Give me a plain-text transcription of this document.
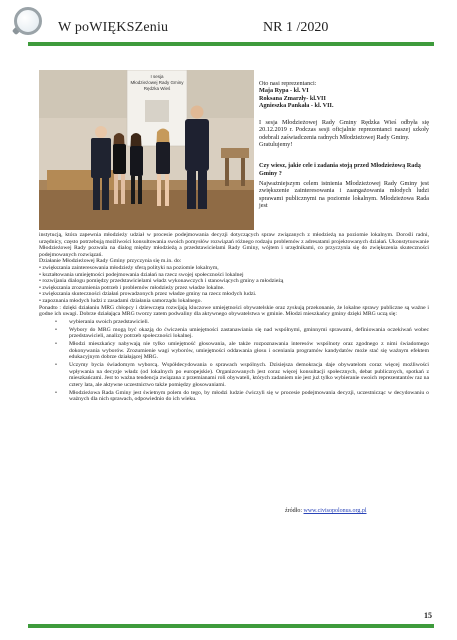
W poWIĘKSZeniu	NR 1 /2020
I sesja
Młodzieżowej Rady Gminy
Rędzka Wieś

Oto nasi reprezentanci:
Maja Rypa - kl. VI
Roksana Zmarzły- kl.VII
Agnieszka Pankała - kl. VII.

I sesja Młodzieżowej Rady Gminy Rędzka Wieś odbyła się 20.12.2019 r. Podczas sesji oficjalnie reprezentanci naszej szkoły odebrali zaświadczenia radnych Młodzieżowej Rady Gminy.
Gratulujemy!

Czy wiesz, jakie cele i zadania stoją przed Młodzieżową Radą Gminy ?

Najważniejszym celem istnienia Młodzieżowej Rady Gminy jest zwiększenie zainteresowania i zaangażowania młodych ludzi sprawami publicznymi na poziomie lokalnym. Młodzieżowa Rada jest

instytucją, która zapewnia młodzieży udział w procesie podejmowania decyzji dotyczących spraw związanych z młodzieżą na poziomie lokalnym. Dorośli radni, urzędnicy, często potrzebują możliwości konsultowania swoich pomysłów rozwiązań różnego rodzaju problemów z adresatami projektowanych działań. Ukonstytuowanie Młodzieżowej Rady pozwala na dialog między młodzieżą a przedstawicielami Rady Gminy, wójtem i urzędnikami, co przyczynia się do zwiększenia skuteczności podejmowanych rozwiązań.

Działanie Młodzieżowej Rady Gminy przyczynia się m.in. do:

• zwiększania zainteresowania młodzieży sferą polityki na poziomie lokalnym,
• kształtowania umiejętności podejmowania działań na rzecz swojej społeczności lokalnej
• rozwijania dialogu pomiędzy przedstawicielami władz wykonawczych i stanowiących gminy a młodzieżą
• zwiększania zrozumienia potrzeb i problemów młodzieży przez władze lokalne.
• zwiększania skuteczności działań prowadzonych przez władze gminy na rzecz młodych ludzi.
• zapoznania młodych ludzi z zasadami działania samorządu lokalnego.

Ponadto : dzięki działaniu MRG chłopcy i dziewczęta rozwijają kluczowe umiejętności obywatelskie oraz zyskują przekonanie, że lokalne sprawy publiczne są ważne i godne ich uwagi. Dobrze działająca MRG tworzy zatem podwaliny dla aktywnego obywatelstwa w gminie. Młodzi mieszkańcy gminy dzięki MRG uczą się:

• wybierania swoich przedstawicieli.
• Wybory do MRG mogą być okazją do ćwiczenia umiejętności zastanawiania się nad wspólnymi, gminnymi sprawami, definiowania oczekiwań wobec przedstawicieli, analizy potrzeb społeczności lokalnej.
• Młodzi mieszkańcy nabywają nie tylko umiejętność głosowania, ale także rozpoznawania interesów wspólnoty oraz zgodnego z nimi świadomego dokonywania wyborów. Zrozumienie wagi wyborów, umiejętności oddawania głosu i oceniania programów kandydatów może stać się ważnym efektem edukacyjnym dobrze działającej MRG.
• Uczymy bycia świadomym wyborcą. Współdecydowania o sprawach wspólnych. Dzisiejsza demokracja daje obywatelom coraz więcej możliwości wpływania na decyzje władz (od lokalnych po europejskie). Organizowanych jest coraz więcej konsultacji społecznych, debat publicznych, spotkań z mieszkańcami. Jest to ważna tendencja związana z przemianami roli obywateli, których zadaniem nie jest już tylko wybieranie swoich reprezentantów raz na cztery lata, ale aktywne uczestnictwo także pomiędzy głosowaniami.
• Młodzieżowa Rada Gminy jest świetnym polem do tego, by młodzi ludzie ćwiczyli się w procesie podejmowania decyzji, uczestnicząc w decydowaniu o ważnych dla nich sprawach, odpowiednio do ich wieku.
źródło: www.civisopolonus.org.pl
15
